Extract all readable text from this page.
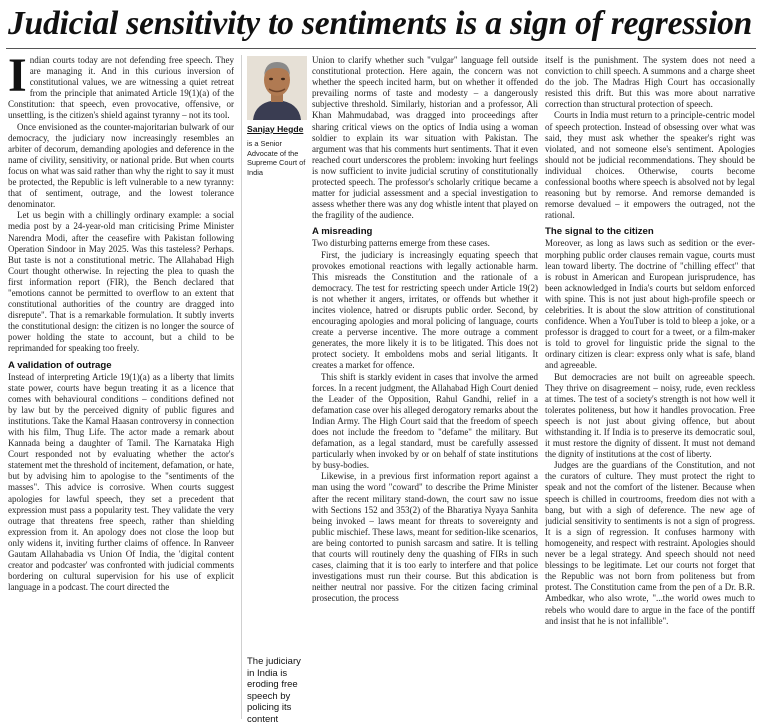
Judicial sensitivity to sentiments is a sign of regression

Indian courts today are not defending free speech. They are managing it. And in this curious inversion of constitutional values, we are witnessing a quiet retreat from the principle that animated Article 19(1)(a) of the Constitution: that speech, even provocative, offensive, or unsettling, is the citizen's shield against tyranny – not its tool.

Once envisioned as the counter-majoritarian bulwark of our democracy, the judiciary now increasingly resembles an arbiter of decorum, demanding apologies and deference in the name of civility, sensitivity, or national pride. But when courts focus on what was said rather than why the right to say it must be protected, the Republic is left vulnerable to a new tyranny: that of sentiment, outrage, and the lowest tolerance denominator.

Let us begin with a chillingly ordinary example: a social media post by a 24-year-old man criticising Prime Minister Narendra Modi, after the ceasefire with Pakistan following Operation Sindoor in May 2025. Was this tasteless? Perhaps. But taste is not a constitutional metric. The Allahabad High Court thought otherwise. In rejecting the plea to quash the first information report (FIR), the Bench declared that "emotions cannot be permitted to overflow to an extent that constitutional authorities of the country are dragged into disrepute". That is a remarkable formulation. It subtly inverts the constitutional design: the citizen is no longer the source of power holding the state to account, but a child to be reprimanded for speaking too freely.

A validation of outrage

Instead of interpreting Article 19(1)(a) as a liberty that limits state power, courts have begun treating it as a licence that comes with behavioural conditions – conditions defined not by law but by the perceived dignity of public figures and institutions. Take the Kamal Haasan controversy in connection with his film, Thug Life. The actor made a remark about Kannada being a daughter of Tamil. The Karnataka High Court responded not by evaluating whether the actor's statement met the threshold of incitement, defamation, or hate, but by advising him to apologise to the "sentiments of the masses". This advice is corrosive. When courts suggest apologies for lawful speech, they set a precedent that expression must pass a popularity test. They validate the very outrage that threatens free speech, rather than shielding expression from it. An apology does not close the loop but only widens it, inviting further claims of offence. In Ranveer Gautam Allahabadia vs Union Of India, the 'digital content creator and podcaster' was confronted with judicial comments bordering on cultural supervision for his use of explicit language in a podcast. The court directed the

Sanjay Hegde
is a Senior Advocate of the Supreme Court of India
The judiciary in India is eroding free speech by policing its content

Union to clarify whether such "vulgar" language fell outside constitutional protection. Here again, the concern was not whether the speech incited harm, but on whether it offended prevailing norms of taste and modesty – a dangerously subjective threshold. Similarly, historian and a professor, Ali Khan Mahmudabad, was dragged into proceedings after sharing critical views on the optics of India using a woman soldier to explain its war situation with Pakistan. The argument was that his comments hurt sentiments. That it even reached court underscores the problem: invoking hurt feelings is now sufficient to invite judicial scrutiny of constitutionally protected speech. The professor's scholarly critique became a matter for judicial assessment and a special investigation to assess whether there was any dog whistle intent that played on the fragility of the audience.

A misreading

Two disturbing patterns emerge from these cases.

First, the judiciary is increasingly equating speech that provokes emotional reactions with legally actionable harm. This misreads the Constitution and the rationale of a democracy. The test for restricting speech under Article 19(2) is not whether it angers, irritates, or offends but whether it incites violence, hatred or disrupts public order. Second, by encouraging apologies and moral policing of language, courts create a perverse incentive. The more outrage a comment generates, the more likely it is to be litigated. This does not protect society. It emboldens mobs and serial litigants. It creates a market for offence.

This shift is starkly evident in cases that involve the armed forces. In a recent judgment, the Allahabad High Court denied the Leader of the Opposition, Rahul Gandhi, relief in a defamation case over his alleged derogatory remarks about the Indian Army. The High Court said that the freedom of speech does not include the freedom to "defame" the military. But defamation, as a legal standard, must be carefully assessed particularly when invoked by or on behalf of state institutions by busy-bodies.

Likewise, in a previous first information report against a man using the word "coward" to describe the Prime Minister after the recent military stand-down, the court saw no issue with Sections 152 and 353(2) of the Bharatiya Nyaya Sanhita being invoked – laws meant for threats to sovereignty and public mischief. These laws, meant for sedition-like scenarios, are being contorted to punish sarcasm and satire. It is telling that courts will routinely deny the quashing of FIRs in such cases, claiming that it is too early to interfere and that police investigations must run their course. But this abdication is neither neutral nor passive. For the citizen facing criminal prosecution, the process

itself is the punishment. The system does not need a conviction to chill speech. A summons and a charge sheet do the job. The Madras High Court has occasionally resisted this drift. But this was more about narrative correction than structural protection of speech.

Courts in India must return to a principle-centric model of speech protection. Instead of obsessing over what was said, they must ask whether the speaker's right was violated, and not someone else's sentiment. Apologies should not be judicial recommendations. They should be individual choices. Otherwise, courts become confessional booths where speech is absolved not by legal reasoning but by remorse. And remorse demanded is remorse devalued – it empowers the outraged, not the rational.

The signal to the citizen

Moreover, as long as laws such as sedition or the ever-morphing public order clauses remain vague, courts must lean toward liberty. The doctrine of "chilling effect" that is robust in American and European jurisprudence, has been acknowledged in India's courts but seldom enforced with spine. This is not just about high-profile speech or celebrities. It is about the slow attrition of constitutional confidence. When a YouTuber is told to bleep a joke, or a professor is dragged to court for a tweet, or a film-maker is told to grovel for linguistic pride the signal to the ordinary citizen is clear: express only what is safe, bland and agreeable.

But democracies are not built on agreeable speech. They thrive on disagreement – noisy, rude, even reckless at times. The test of a society's strength is not how well it tolerates politeness, but how it handles provocation. Free speech is not just about giving offence, but about withstanding it. If India is to preserve its democratic soul, it must restore the dignity of dissent. It must not demand the dignity of institutions at the cost of liberty.

Judges are the guardians of the Constitution, and not the curators of culture. They must protect the right to speak and not the comfort of the listener. Because when speech is chilled in courtrooms, freedom dies not with a bang, but with a sigh of deference. The new age of judicial sensitivity to sentiments is not a sign of progress. It is a sign of regression. It confuses harmony with homogeneity, and respect with restraint. Apologies should never be a legal strategy. And speech should not need blessings to be legitimate. Let our courts not forget that the Republic was not born from politeness but from protest. The Constitution came from the pen of a Dr. B.R. Ambedkar, who also wrote, "...the world owes much to rebels who would dare to argue in the face of the pontiff and insist that he is not infallible".
